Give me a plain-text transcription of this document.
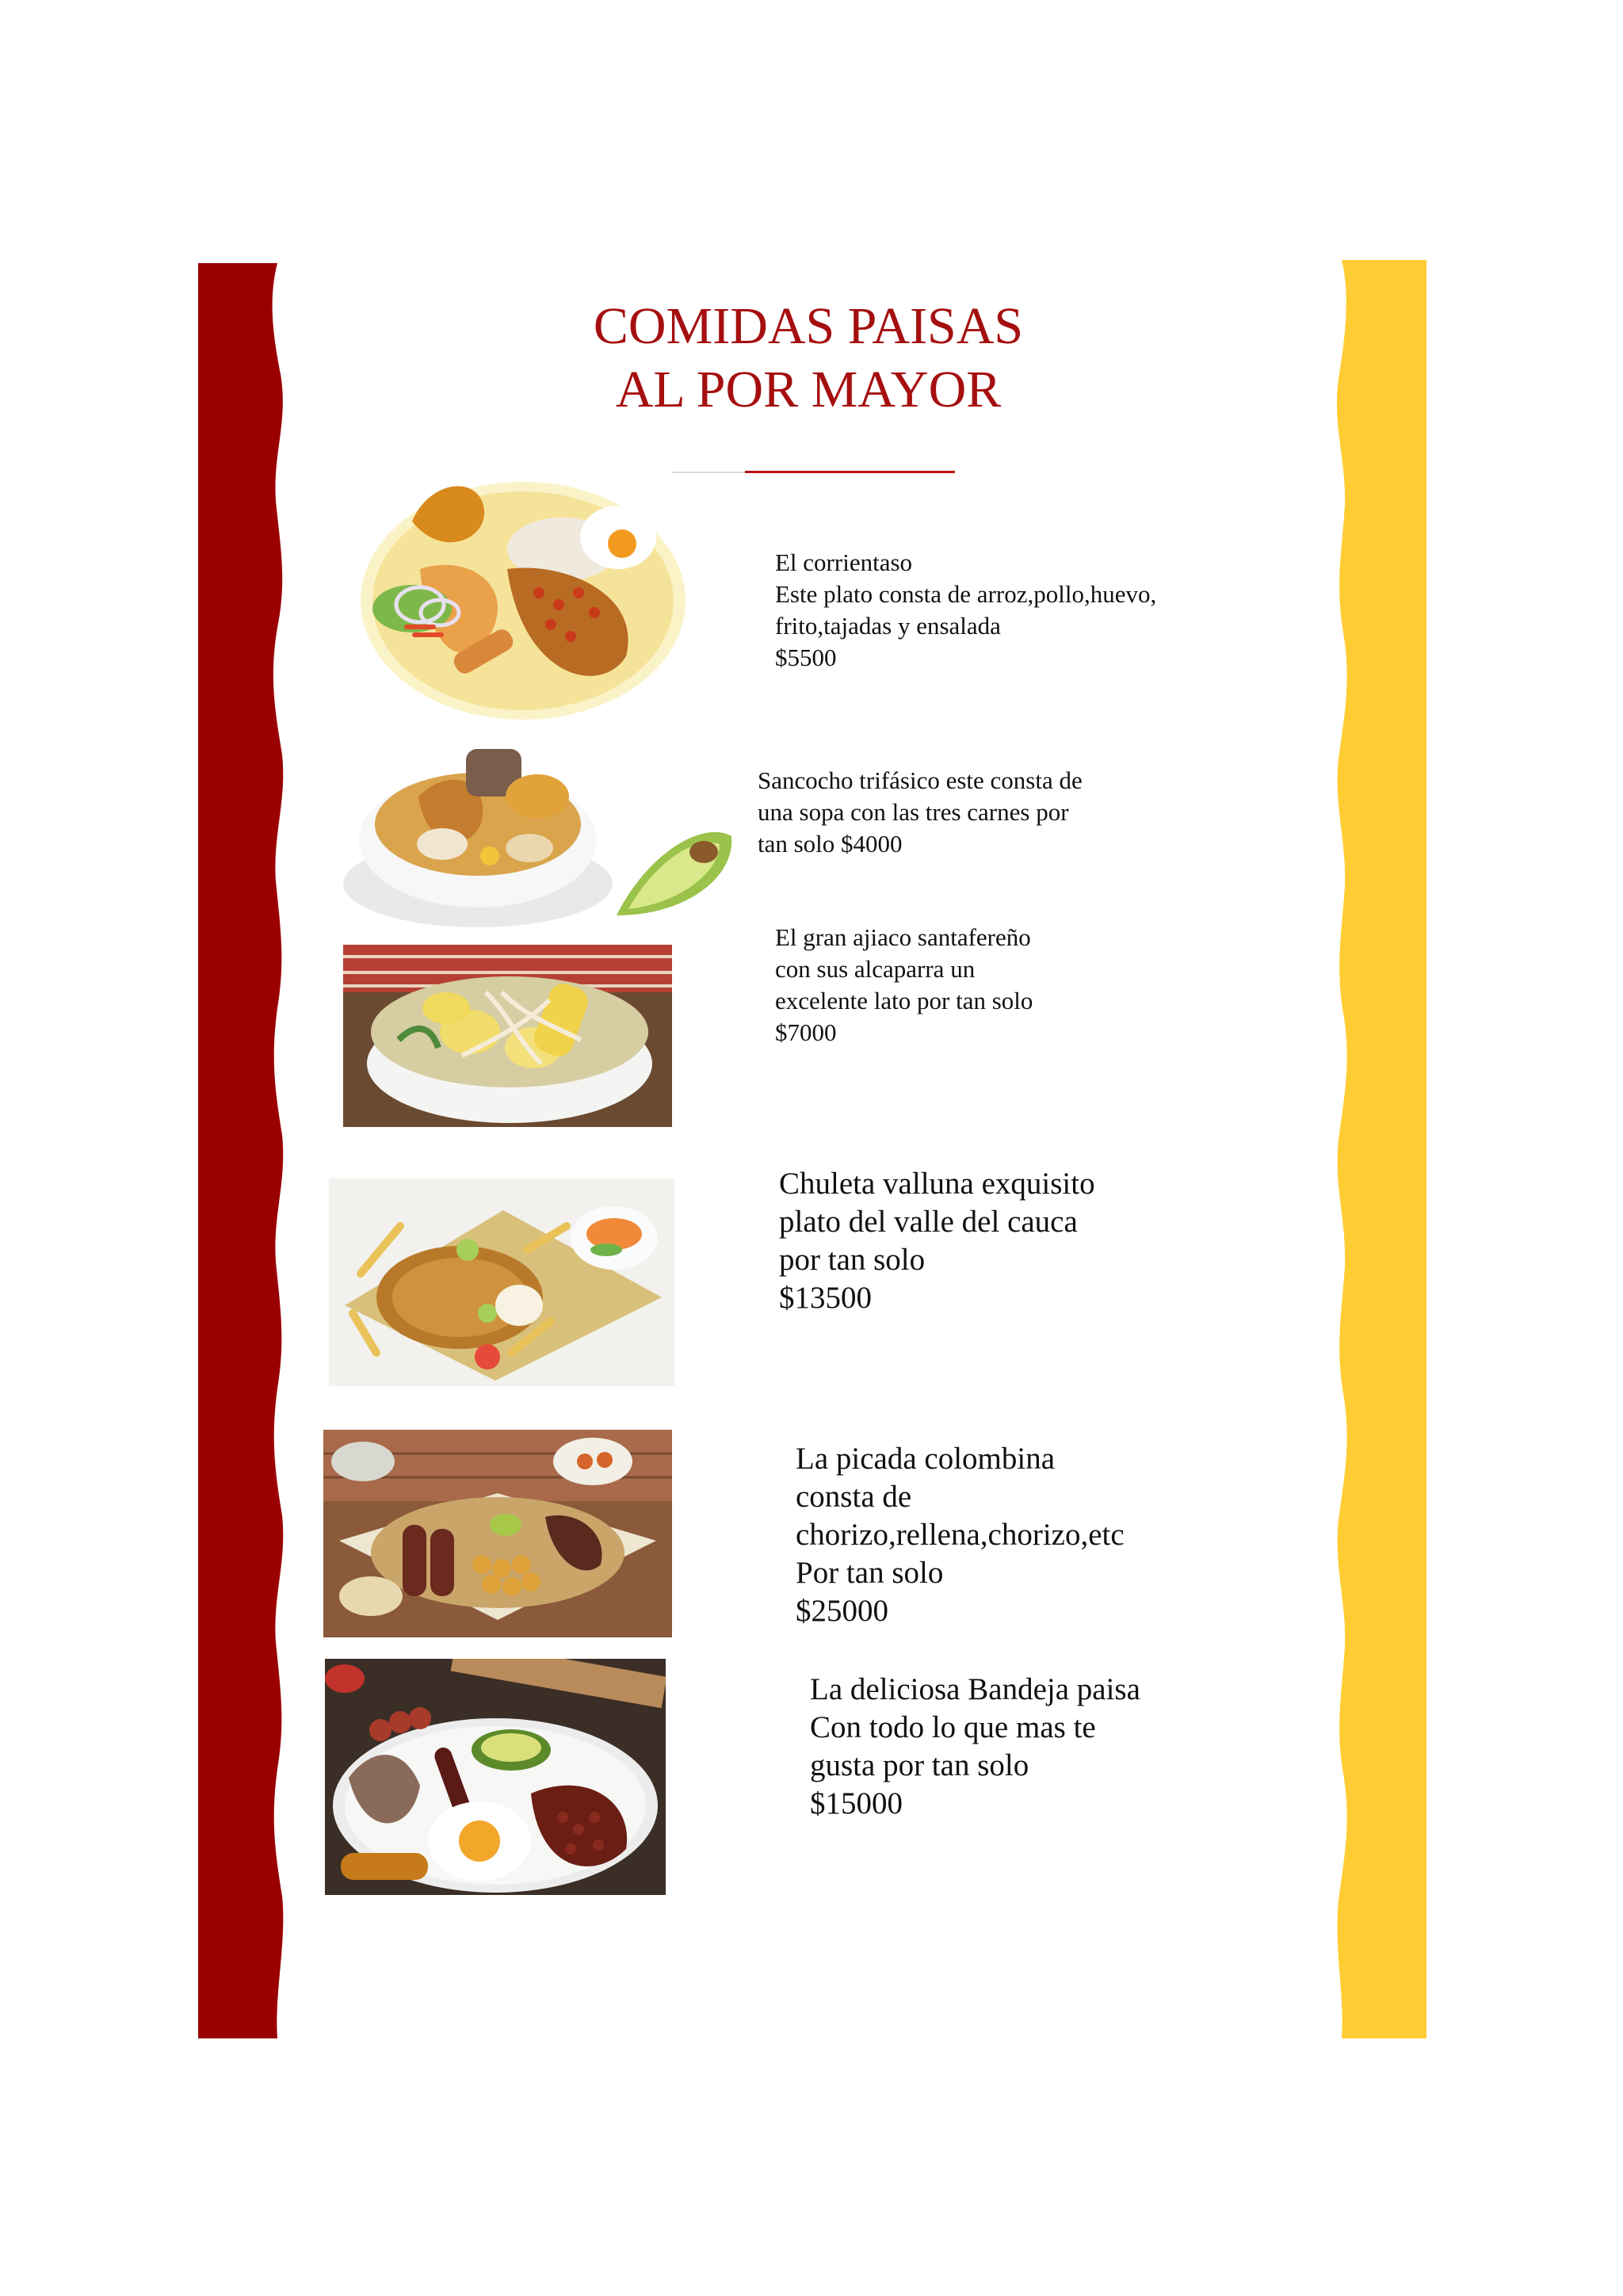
COMIDAS PAISAS
AL POR MAYOR
El corrientaso
Este plato consta de arroz,pollo,huevo,
frito,tajadas y ensalada
$5500
Sancocho trifásico este consta de
una sopa con las tres carnes por
tan solo $4000
El gran ajiaco santafereño
con sus alcaparra un
excelente lato por tan solo
$7000
Chuleta valluna exquisito
plato del valle del cauca
por tan solo
$13500
La picada colombina
consta de
chorizo,rellena,chorizo,etc
Por tan solo
$25000
La deliciosa Bandeja paisa
Con todo lo que mas te
gusta por tan solo
$15000
